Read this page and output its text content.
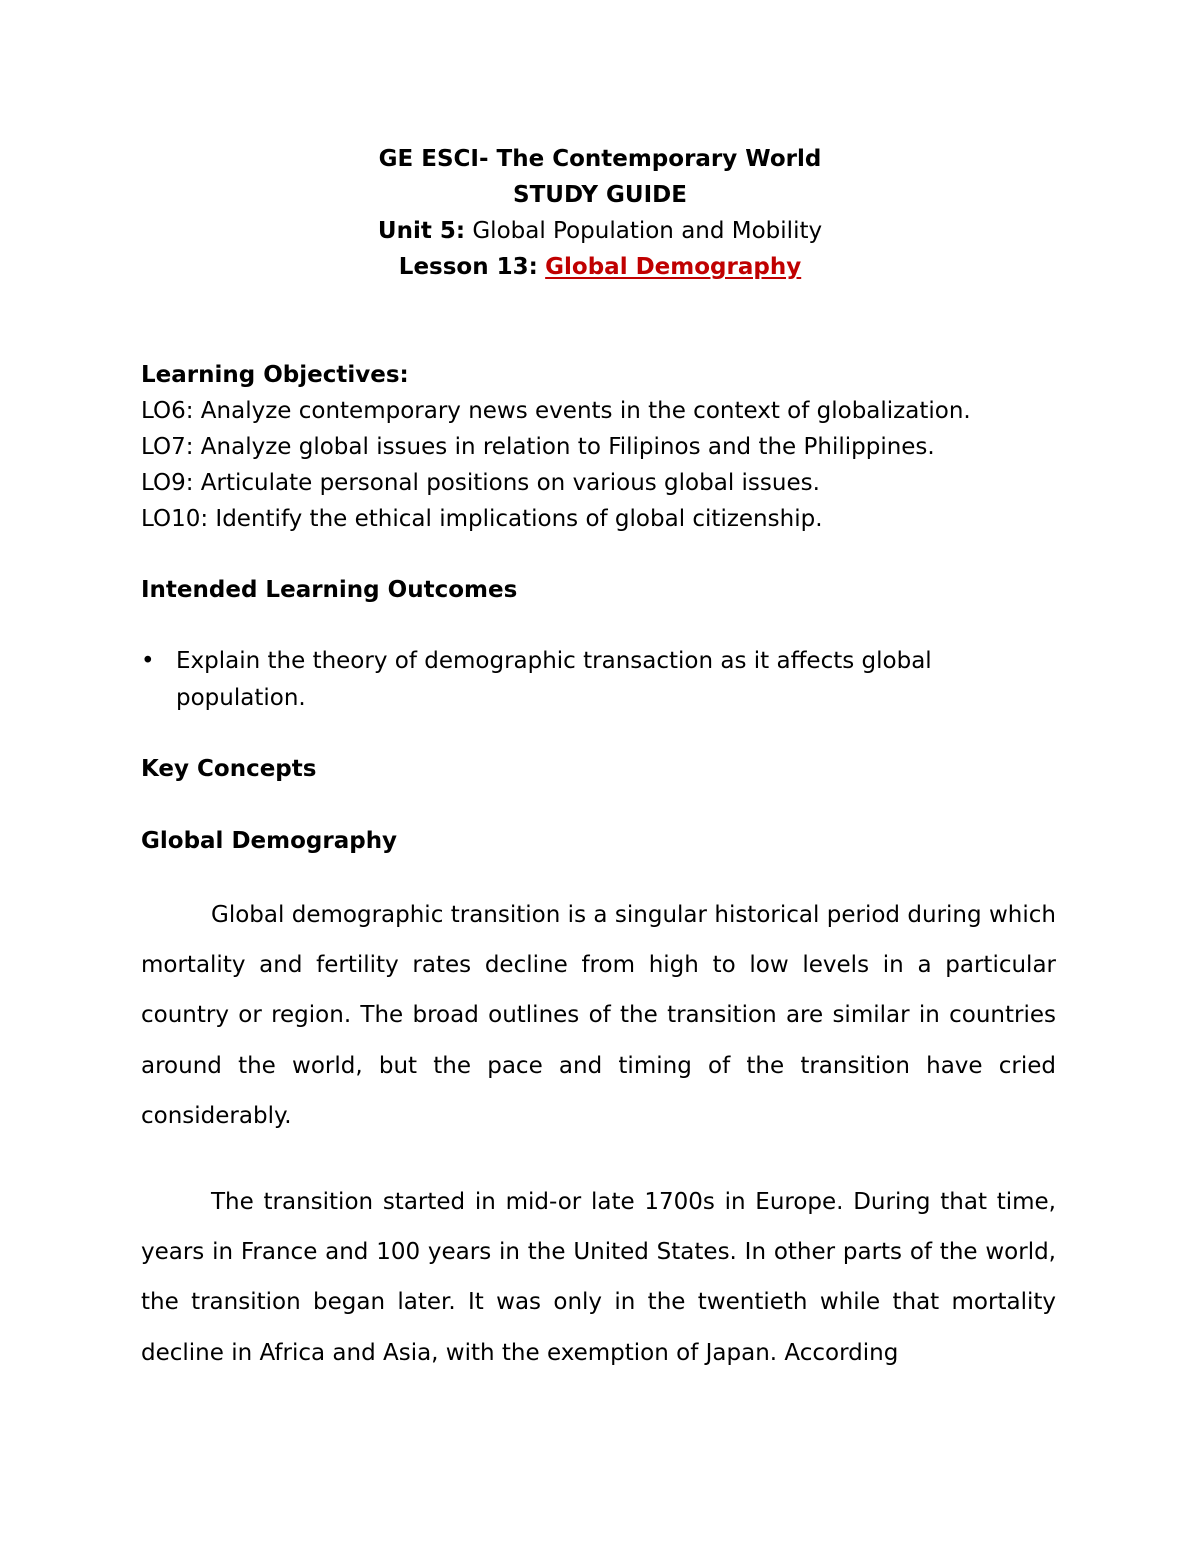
GE ESCI- The Contemporary World
STUDY GUIDE
Unit 5: Global Population and Mobility
Lesson 13: Global Demography
Learning Objectives:
LO6: Analyze contemporary news events in the context of globalization.
LO7: Analyze global issues in relation to Filipinos and the Philippines.
LO9: Articulate personal positions on various global issues.
LO10: Identify the ethical implications of global citizenship.
Intended Learning Outcomes
• Explain the theory of demographic transaction as it affects global population.
Key Concepts
Global Demography
Global demographic transition is a singular historical period during which mortality and fertility rates decline from high to low levels in a particular country or region. The broad outlines of the transition are similar in countries around the world, but the pace and timing of the transition have cried considerably.
The transition started in mid-or late 1700s in Europe. During that time, years in France and 100 years in the United States. In other parts of the world, the transition began later. It was only in the twentieth while that mortality decline in Africa and Asia, with the exemption of Japan. According
